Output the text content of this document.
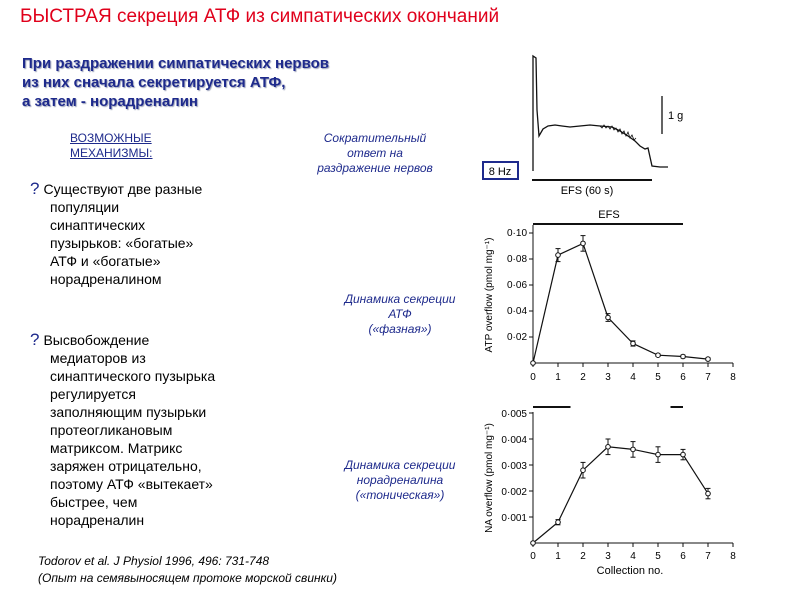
БЫСТРАЯ секреция АТФ из симпатических окончаний
При раздражении симпатических нервов
из них сначала секретируется АТФ,
а затем - норадреналин
ВОЗМОЖНЫЕ
МЕХАНИЗМЫ:
? Существуют две разные
популяции
синаптических
пузырьков: «богатые»
АТФ и «богатые»
норадреналином
? Высвобождение
медиаторов из
синаптического пузырька
регулируется
заполняющим пузырьки
протеогликановым
матриксом. Матрикс
заряжен отрицательно,
поэтому АТФ «вытекает»
быстрее, чем
норадреналин
Сократительный
ответ на
раздражение нервов
Динамика секреции
АТФ
(«фазная»)
Динамика секреции
норадреналина
(«тоническая»)
Todorov et al. J Physiol 1996, 496: 731-748
(Опыт на семявыносящем протоке морской свинки)
1 g
8 Hz
EFS (60 s)
EFS
ATP overflow (pmol mg⁻¹)
0 1 2 3 4 5 6 7 8
0·02
0·04
0·06
0·08
0·10
NA overflow (pmol mg⁻¹)
Collection no.
0 1 2 3 4 5 6 7 8
0·001
0·002
0·003
0·004
0·005
